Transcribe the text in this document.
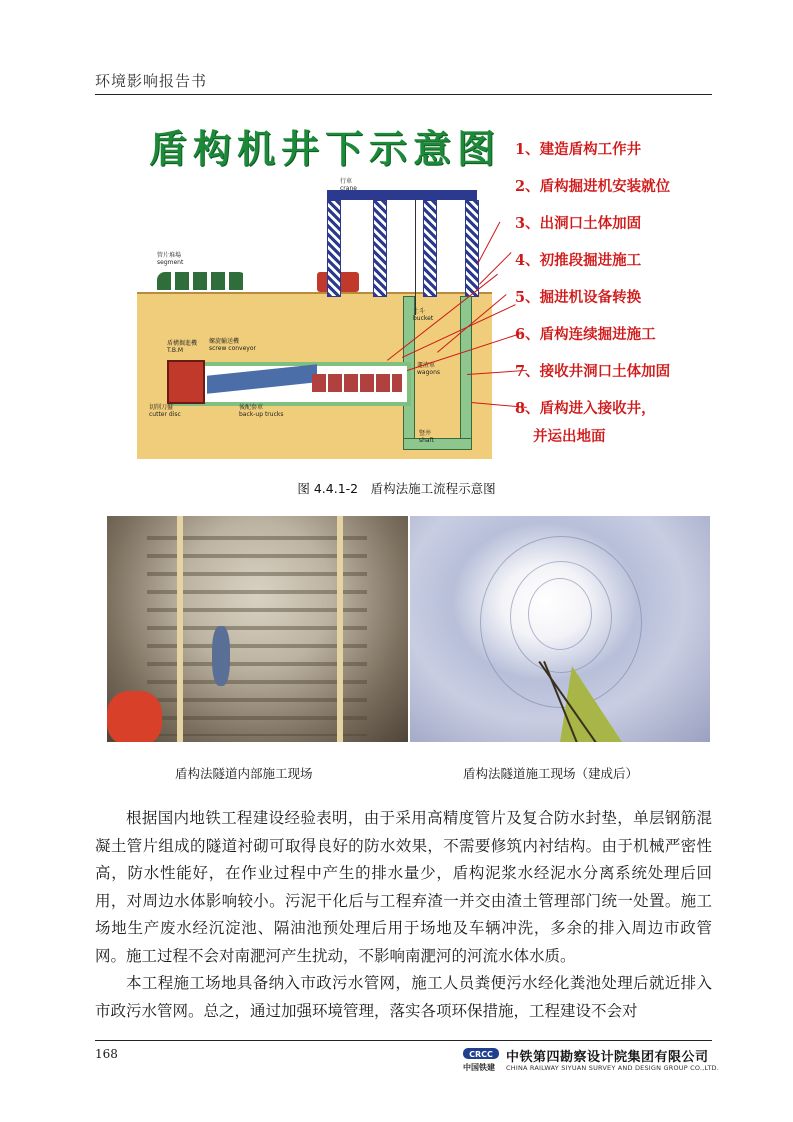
环境影响报告书
盾构机井下示意图
行車
crane
管片堆場
segment
盾構掘進機
T.B.M
螺旋輸送機
screw conveyor
切削刀盤
cutter disc
後配套車
back-up trucks
土斗
bucket
運渣車
wagons
豎井
shaft
1、建造盾构工作井
2、盾构掘进机安装就位
3、出洞口土体加固
4、初推段掘进施工
5、掘进机设备转换
6、盾构连续掘进施工
7、接收井洞口土体加固
8、盾构进入接收井，
并运出地面
图 4.4.1-2　盾构法施工流程示意图
盾构法隧道内部施工现场	盾构法隧道施工现场（建成后）

根据国内地铁工程建设经验表明，由于采用高精度管片及复合防水封垫，单层钢筋混凝土管片组成的隧道衬砌可取得良好的防水效果，不需要修筑内衬结构。由于机械严密性高，防水性能好，在作业过程中产生的排水量少，盾构泥浆水经泥水分离系统处理后回用，对周边水体影响较小。污泥干化后与工程弃渣一并交由渣土管理部门统一处置。施工场地生产废水经沉淀池、隔油池预处理后用于场地及车辆冲洗，多余的排入周边市政管网。施工过程不会对南淝河产生扰动，不影响南淝河的河流水体水质。

本工程施工场地具备纳入市政污水管网，施工人员粪便污水经化粪池处理后就近排入市政污水管网。总之，通过加强环境管理，落实各项环保措施，工程建设不会对

168	CRCC
中国铁建
中铁第四勘察设计院集团有限公司
CHINA RAILWAY SIYUAN SURVEY AND DESIGN GROUP CO.,LTD.
